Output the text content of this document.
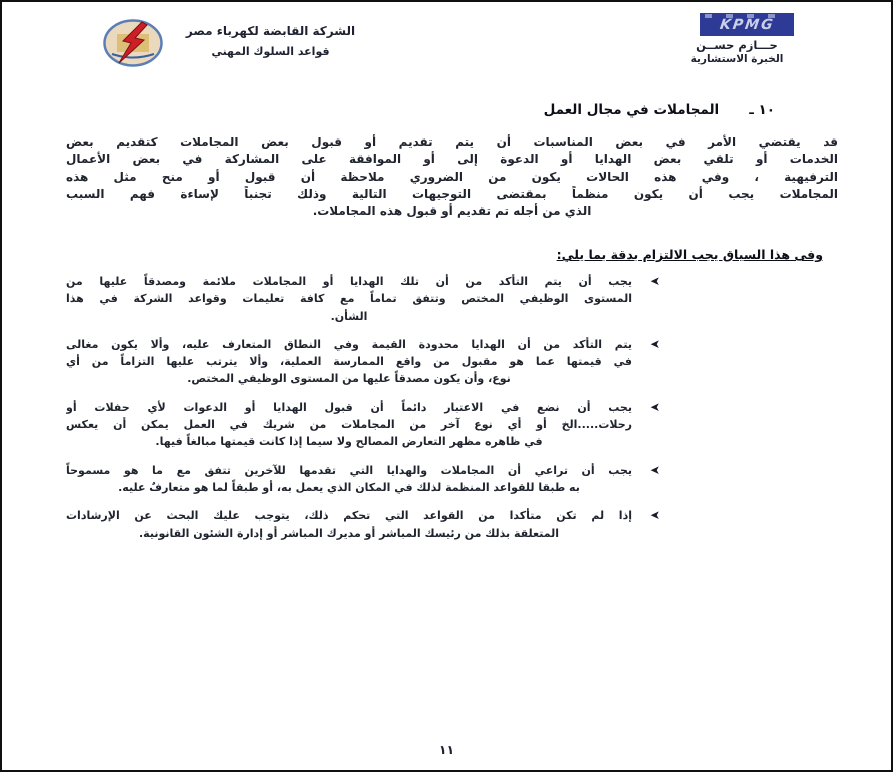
الشركة القابضة لكهرباء مصر
قواعد السلوك المهني
KPMG
حـــازم حســن
الخبرة الاستشارية
١٠ ـ
المجاملات في مجال العمل
قد يقتضي الأمر في بعض المناسبات أن يتم تقديم أو قبول بعض المجاملات كتقديم بعض
الخدمات أو تلقي بعض الهدايا أو الدعوة إلى أو الموافقة على المشاركة في بعض الأعمال
الترفيهية ، وفي هذه الحالات يكون من الضروري ملاحظة أن قبول أو منح مثل هذه
المجاملات يجب أن يكون منظماً بمقتضى التوجيهات التالية وذلك تجنباً لإساءة فهم السبب
الذي من أجله تم تقديم أو قبول هذه المجاملات.
وفى هذا السياق يجب الالتزام بدقة بما يلي:
➤
يجب أن يتم التأكد من أن تلك الهدايا أو المجاملات ملائمة ومصدقاً عليها من
المستوى الوظيفي المختص وتتفق تماماً مع كافة تعليمات وقواعد الشركة في هذا
الشأن.
➤
يتم التأكد من أن الهدايا محدودة القيمة وفي النطاق المتعارف عليه، وألا يكون مغالى
في قيمتها عما هو مقبول من واقع الممارسة العملية، وألا يترتب عليها التزاماً من أي
نوع، وأن يكون مصدقاً عليها من المستوى الوظيفي المختص.
➤
يجب أن نضع في الاعتبار دائماً أن قبول الهدايا أو الدعوات لأي حفلات أو
رحلات.....الخ أو أي نوع آخر من المجاملات من شريك في العمل يمكن أن يعكس
في ظاهره مظهر التعارض المصالح ولا سيما إذا كانت قيمتها مبالغاً فيها.
➤
يجب أن تراعي أن المجاملات والهدايا التي تقدمها للآخرين تتفق مع ما هو مسموحاً
به طبقا للقواعد المنظمة لذلك في المكان الذي يعمل به، أو طبقاً لما هو متعارفٌ عليه.
➤
إذا لم تكن متأكدا من القواعد التي تحكم ذلك، يتوجب عليك البحث عن الإرشادات
المتعلقة بذلك من رئيسك المباشر أو مديرك المباشر أو إدارة الشئون القانونية.
١١
